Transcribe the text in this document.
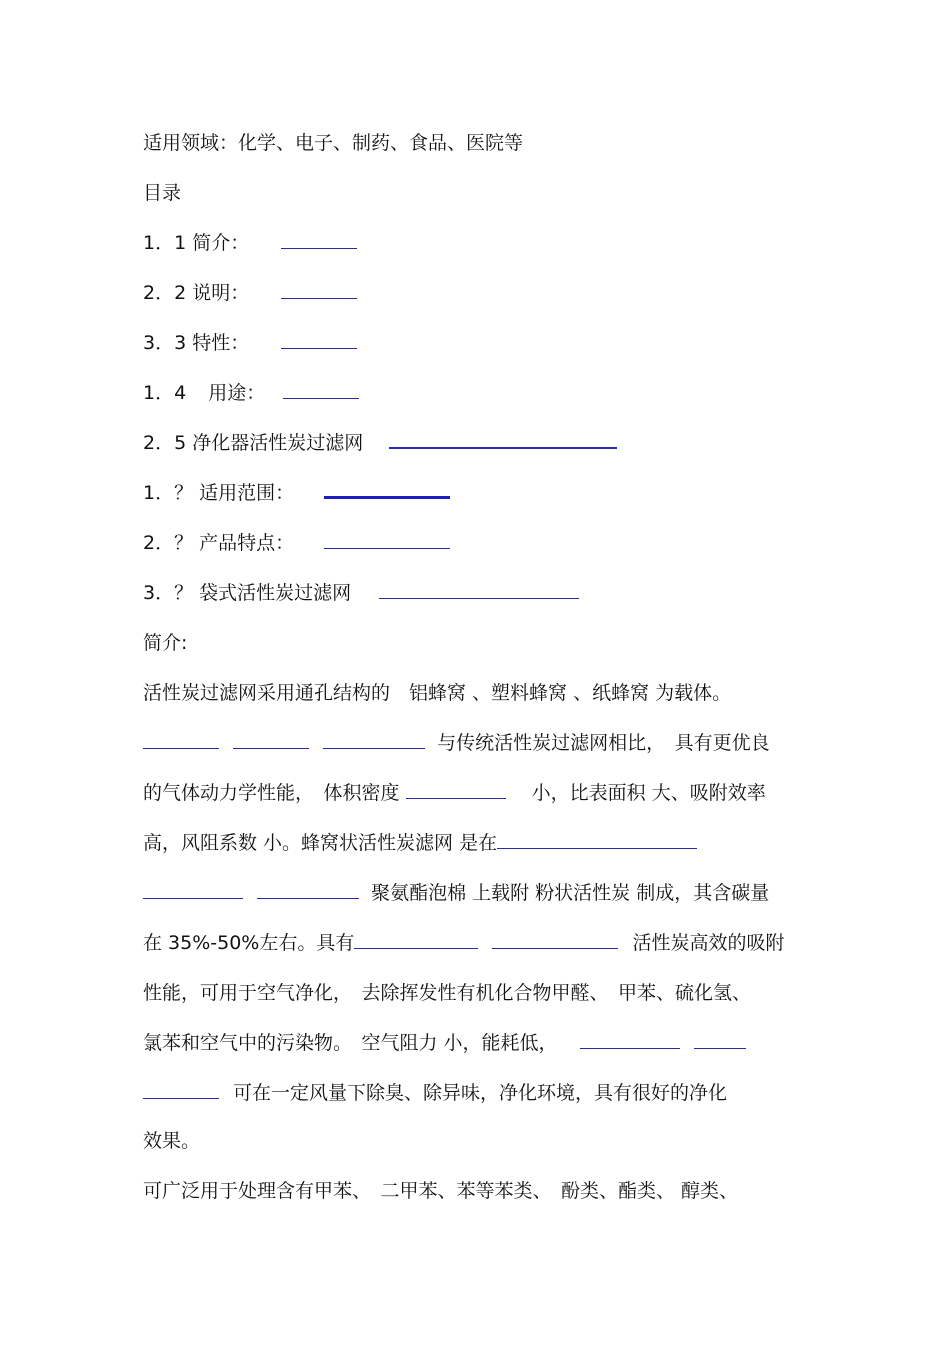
适用领域：化学、电子、制药、食品、医院等
目录
1．1 简介：
2．2 说明：
3．3 特性：
1．4 用途：
2．5 净化器活性炭过滤网
1．？ 适用范围：
2．？ 产品特点：
3．？ 袋式活性炭过滤网
简介:
活性炭过滤网采用通孔结构的　铝蜂窝 、塑料蜂窝 、纸蜂窝 为载体。
与传统活性炭过滤网相比，　具有更优良
的气体动力学性能，　体积密度	小，比表面积 大、吸附效率
高，风阻系数 小。蜂窝状活性炭滤网 是在
聚氨酯泡棉 上载附 粉状活性炭 制成，其含碳量
在 35%-50%左右。具有	活性炭高效的吸附
性能，可用于空气净化，　去除挥发性有机化合物甲醛、　甲苯、硫化氢、
氯苯和空气中的污染物。　空气阻力 小，能耗低，
可在一定风量下除臭、除异味，净化环境，具有很好的净化
效果。
可广泛用于处理含有甲苯、　二甲苯、苯等苯类、　酚类、酯类、 醇类、
